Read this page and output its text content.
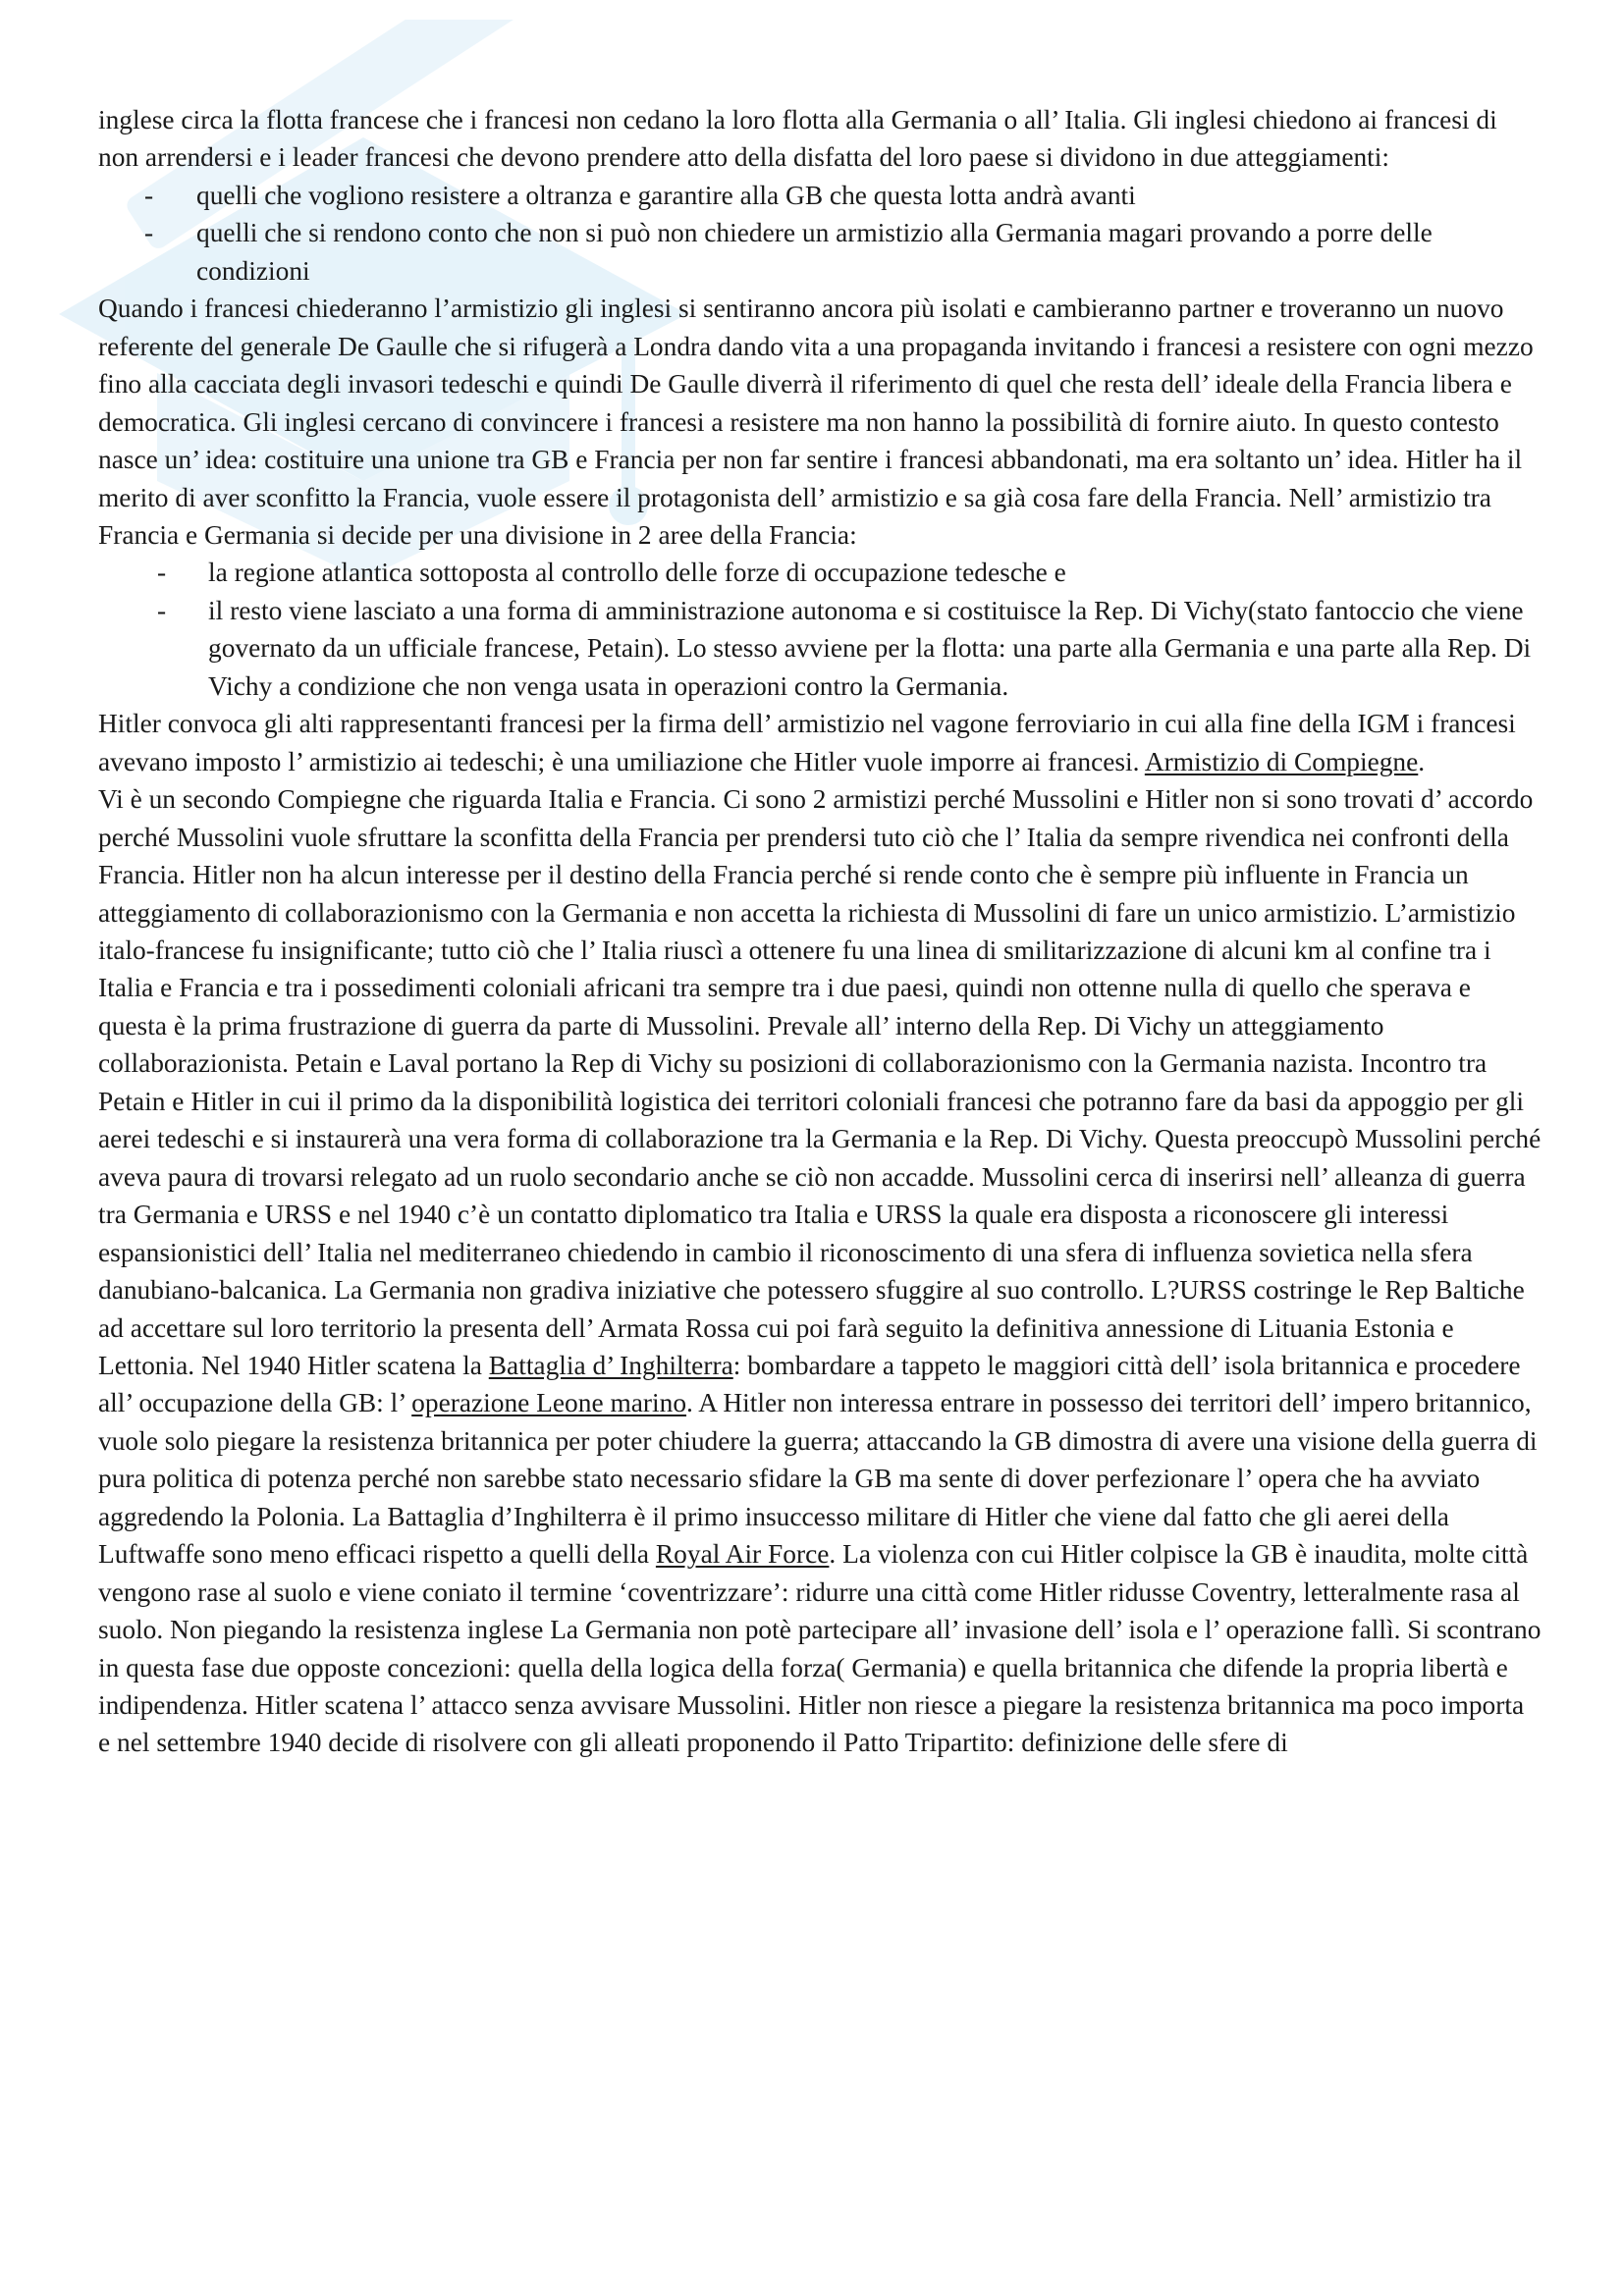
inglese circa la flotta francese che i francesi non cedano la loro flotta alla Germania o all’ Italia. Gli inglesi chiedono ai francesi di non arrendersi e i leader francesi che devono prendere atto della disfatta del loro paese si dividono in due atteggiamenti:

-	quelli che vogliono resistere a oltranza e garantire alla GB che questa lotta andrà avanti
-	quelli che si rendono conto che non si può non chiedere un armistizio alla Germania magari provando a porre delle condizioni

Quando i francesi chiederanno l’armistizio gli inglesi si sentiranno ancora più isolati e cambieranno partner e troveranno un nuovo referente del generale De Gaulle che si rifugerà a Londra dando vita a una propaganda invitando i francesi a resistere con ogni mezzo fino alla cacciata degli invasori tedeschi e quindi De Gaulle diverrà il riferimento di quel che resta dell’ ideale della Francia libera e democratica. Gli inglesi cercano di convincere i francesi a resistere ma non hanno la possibilità di fornire aiuto. In questo contesto nasce un’ idea: costituire una unione tra GB e Francia per non far sentire i francesi abbandonati, ma era soltanto un’ idea. Hitler ha il merito di aver sconfitto la Francia, vuole essere il protagonista dell’ armistizio e sa già cosa fare della Francia. Nell’ armistizio tra Francia e Germania si decide per una divisione in 2 aree della Francia:

-	la regione atlantica sottoposta al controllo delle forze di occupazione tedesche e
-	il resto viene lasciato a una forma di amministrazione autonoma e si costituisce la Rep. Di Vichy(stato fantoccio che viene governato da un ufficiale francese, Petain). Lo stesso avviene per la flotta: una parte alla Germania e una parte alla Rep. Di Vichy a condizione che non venga usata in operazioni contro la Germania.

Hitler convoca gli alti rappresentanti francesi per la firma dell’ armistizio nel vagone ferroviario in cui alla fine della IGM i francesi avevano imposto l’ armistizio ai tedeschi; è una umiliazione che Hitler vuole imporre ai francesi. Armistizio di Compiegne.

Vi è un secondo Compiegne che riguarda Italia e Francia. Ci sono 2 armistizi perché Mussolini e Hitler non si sono trovati d’ accordo perché Mussolini vuole sfruttare la sconfitta della Francia per prendersi tuto ciò che l’ Italia da sempre rivendica nei confronti della Francia. Hitler non ha alcun interesse per il destino della Francia perché si rende conto che è sempre più influente in Francia un atteggiamento di collaborazionismo con la Germania e non accetta la richiesta di Mussolini di fare un unico armistizio. L’armistizio italo-francese fu insignificante; tutto ciò che l’ Italia riuscì a ottenere fu una linea di smilitarizzazione di alcuni km al confine tra i Italia e Francia e tra i possedimenti coloniali africani tra sempre tra i due paesi, quindi non ottenne nulla di quello che sperava e questa è la prima frustrazione di guerra da parte di Mussolini. Prevale all’ interno della Rep. Di Vichy un atteggiamento collaborazionista. Petain e Laval portano la Rep di Vichy su posizioni di collaborazionismo con la Germania nazista. Incontro tra Petain e Hitler in cui il primo da la disponibilità logistica dei territori coloniali francesi che potranno fare da basi da appoggio per gli aerei tedeschi e si instaurerà una vera forma di collaborazione tra la Germania e la Rep. Di Vichy. Questa preoccupò Mussolini perché aveva paura di trovarsi relegato ad un ruolo secondario anche se ciò non accadde. Mussolini cerca di inserirsi nell’ alleanza di guerra tra Germania e URSS e nel 1940 c’è un contatto diplomatico tra Italia e URSS la quale era disposta a riconoscere gli interessi espansionistici dell’ Italia nel mediterraneo chiedendo in cambio il riconoscimento di una sfera di influenza sovietica nella sfera danubiano-balcanica. La Germania non gradiva iniziative che potessero sfuggire al suo controllo. L?URSS costringe le Rep Baltiche ad accettare sul loro territorio la presenta dell’ Armata Rossa cui poi farà seguito la definitiva annessione di Lituania Estonia e Lettonia. Nel 1940 Hitler scatena la Battaglia d’ Inghilterra: bombardare a tappeto le maggiori città dell’ isola britannica e procedere all’ occupazione della GB: l’ operazione Leone marino. A Hitler non interessa entrare in possesso dei territori dell’ impero britannico, vuole solo piegare la resistenza britannica per poter chiudere la guerra; attaccando la GB dimostra di avere una visione della guerra di pura politica di potenza perché non sarebbe stato necessario sfidare la GB ma sente di dover perfezionare l’ opera che ha avviato aggredendo la Polonia. La Battaglia d’Inghilterra è il primo insuccesso militare di Hitler che viene dal fatto che gli aerei della Luftwaffe sono meno efficaci rispetto a quelli della Royal Air Force. La violenza con cui Hitler colpisce la GB è inaudita, molte città vengono rase al suolo e viene coniato il termine ‘coventrizzare’: ridurre una città come Hitler ridusse Coventry, letteralmente rasa al suolo. Non piegando la resistenza inglese La Germania non potè partecipare all’ invasione dell’ isola e l’ operazione fallì. Si scontrano in questa fase due opposte concezioni: quella della logica della forza( Germania) e quella britannica che difende la propria libertà e indipendenza. Hitler scatena l’ attacco senza avvisare Mussolini. Hitler non riesce a piegare la resistenza britannica ma poco importa e nel settembre 1940 decide di risolvere con gli alleati proponendo il Patto Tripartito: definizione delle sfere di
